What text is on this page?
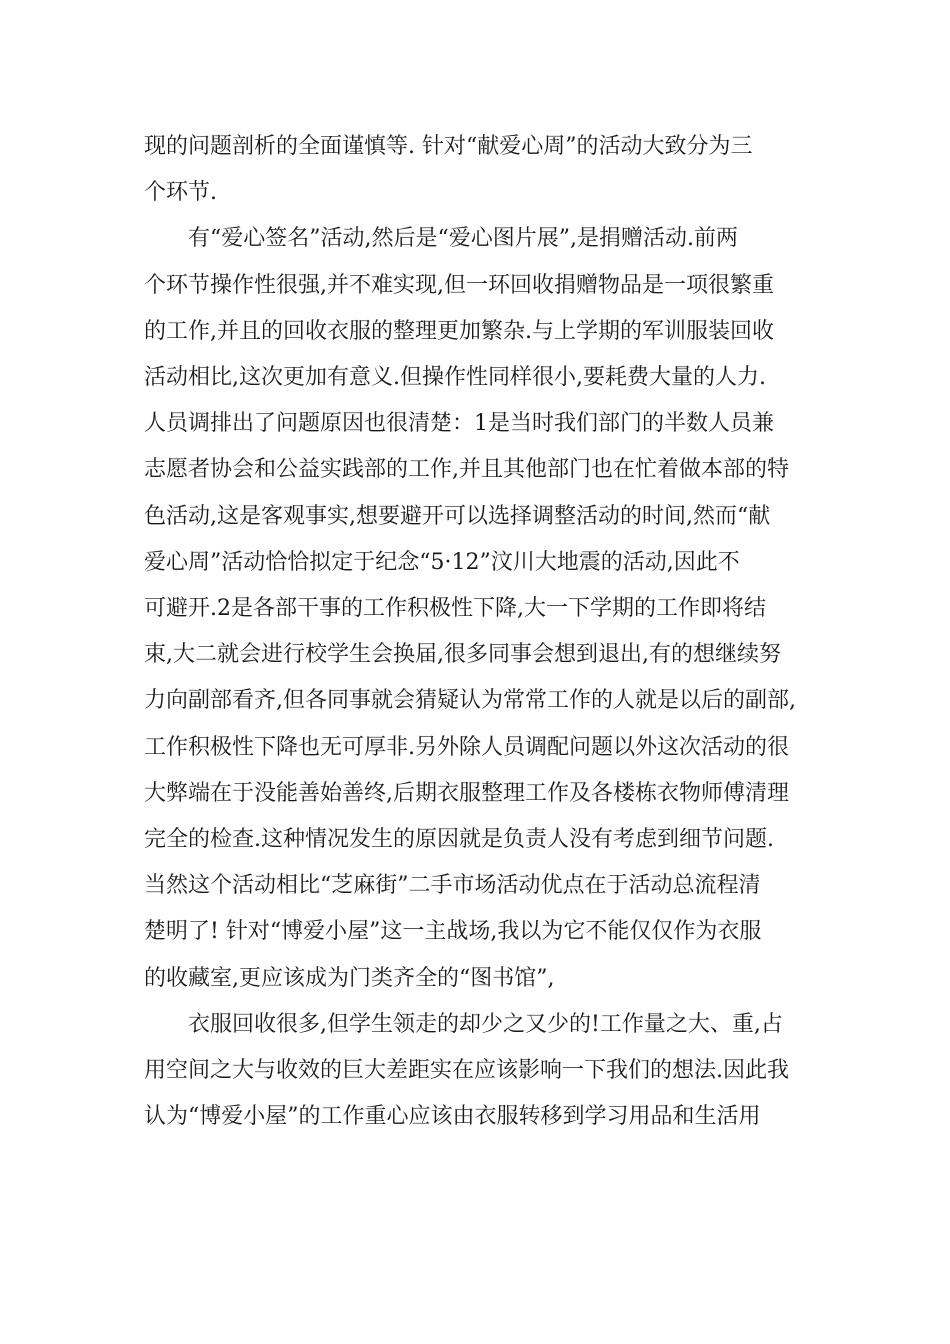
现的问题剖析的全面谨慎等. 针对“献爱心周”的活动大致分为三
个环节.
有“爱心签名”活动,然后是“爱心图片展”,是捐赠活动.前两
个环节操作性很强,并不难实现,但一环回收捐赠物品是一项很繁重
的工作,并且的回收衣服的整理更加繁杂.与上学期的军训服装回收
活动相比,这次更加有意义.但操作性同样很小,要耗费大量的人力.
人员调排出了问题原因也很清楚：1是当时我们部门的半数人员兼
志愿者协会和公益实践部的工作,并且其他部门也在忙着做本部的特
色活动,这是客观事实,想要避开可以选择调整活动的时间,然而“献
爱心周”活动恰恰拟定于纪念“5·12”汶川大地震的活动,因此不
可避开.2是各部干事的工作积极性下降,大一下学期的工作即将结
束,大二就会进行校学生会换届,很多同事会想到退出,有的想继续努
力向副部看齐,但各同事就会猜疑认为常常工作的人就是以后的副部,
工作积极性下降也无可厚非.另外除人员调配问题以外这次活动的很
大弊端在于没能善始善终,后期衣服整理工作及各楼栋衣物师傅清理
完全的检查.这种情况发生的原因就是负责人没有考虑到细节问题.
当然这个活动相比“芝麻街”二手市场活动优点在于活动总流程清
楚明了! 针对“博爱小屋”这一主战场,我以为它不能仅仅作为衣服
的收藏室,更应该成为门类齐全的“图书馆”,
衣服回收很多,但学生领走的却少之又少的!工作量之大、重,占
用空间之大与收效的巨大差距实在应该影响一下我们的想法.因此我
认为“博爱小屋”的工作重心应该由衣服转移到学习用品和生活用
